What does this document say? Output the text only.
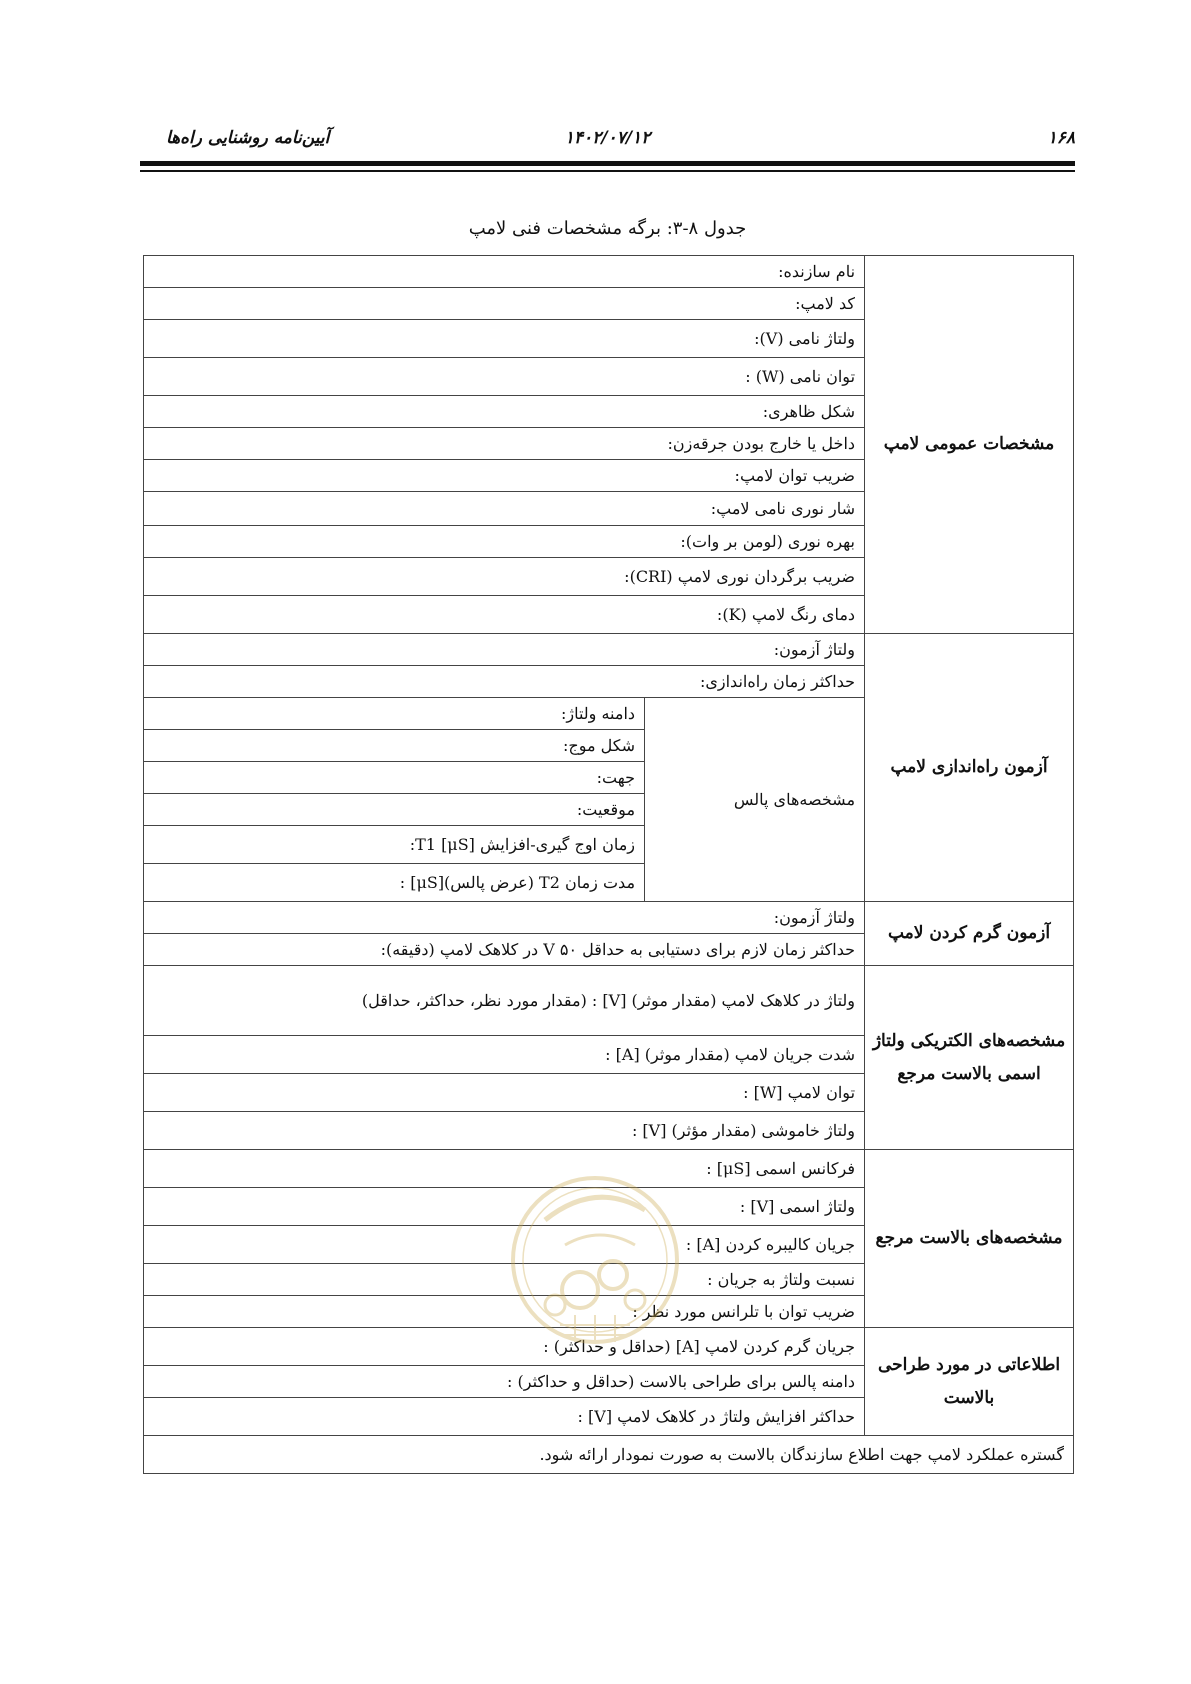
۱۶۸
۱۴۰۲/۰۷/۱۲
آیین‌نامه روشنایی راه‌ها
جدول ۸-۳: برگه مشخصات فنی لامپ
مشخصات عمومی لامپ	نام سازنده:	
	کد لامپ:	
	ولتاژ نامی (V):	
	توان نامی (W) :	
	شکل ظاهری:	
	داخل یا خارج بودن جرقه‌زن:	
	ضریب توان لامپ:	
	شار نوری نامی لامپ:	
	بهره نوری (لومن بر وات):	
	ضریب برگردان نوری لامپ (CRI):	
	دمای رنگ لامپ (K):	
آزمون راه‌اندازی لامپ	ولتاژ آزمون:	
	حداکثر زمان راه‌اندازی:	
	مشخصه‌های پالس	دامنه ولتاژ:
		شکل موج:
		جهت:
		موقعیت:
		زمان اوج گیری-افزایش T1 [μS]:
		مدت زمان T2 (عرض پالس)[μS] :
آزمون گرم کردن لامپ	ولتاژ آزمون:	
	حداکثر زمان لازم برای دستیابی به حداقل ۵۰ V در کلاهک لامپ (دقیقه):	
مشخصه‌های الکتریکی ولتاژ اسمی بالاست مرجع	ولتاژ در کلاهک لامپ (مقدار موثر) [V] : (مقدار مورد نظر، حداکثر، حداقل)	
	شدت جریان لامپ (مقدار موثر) [A] :	
	توان لامپ [W] :	
	ولتاژ خاموشی (مقدار مؤثر) [V] :	
مشخصه‌های بالاست مرجع	فرکانس اسمی [μS] :	
	ولتاژ اسمی [V] :	
	جریان کالیبره کردن [A] :	
	نسبت ولتاژ به جریان :	
	ضریب توان با تلرانس مورد نظر :	
اطلاعاتی در مورد طراحی بالاست	جریان گرم کردن لامپ [A] (حداقل و حداکثر) :	
	دامنه پالس برای طراحی بالاست (حداقل و حداکثر) :	
	حداکثر افزایش ولتاژ در کلاهک لامپ [V] :	
گستره عملکرد لامپ جهت اطلاع سازندگان بالاست به صورت نمودار ارائه شود.		
